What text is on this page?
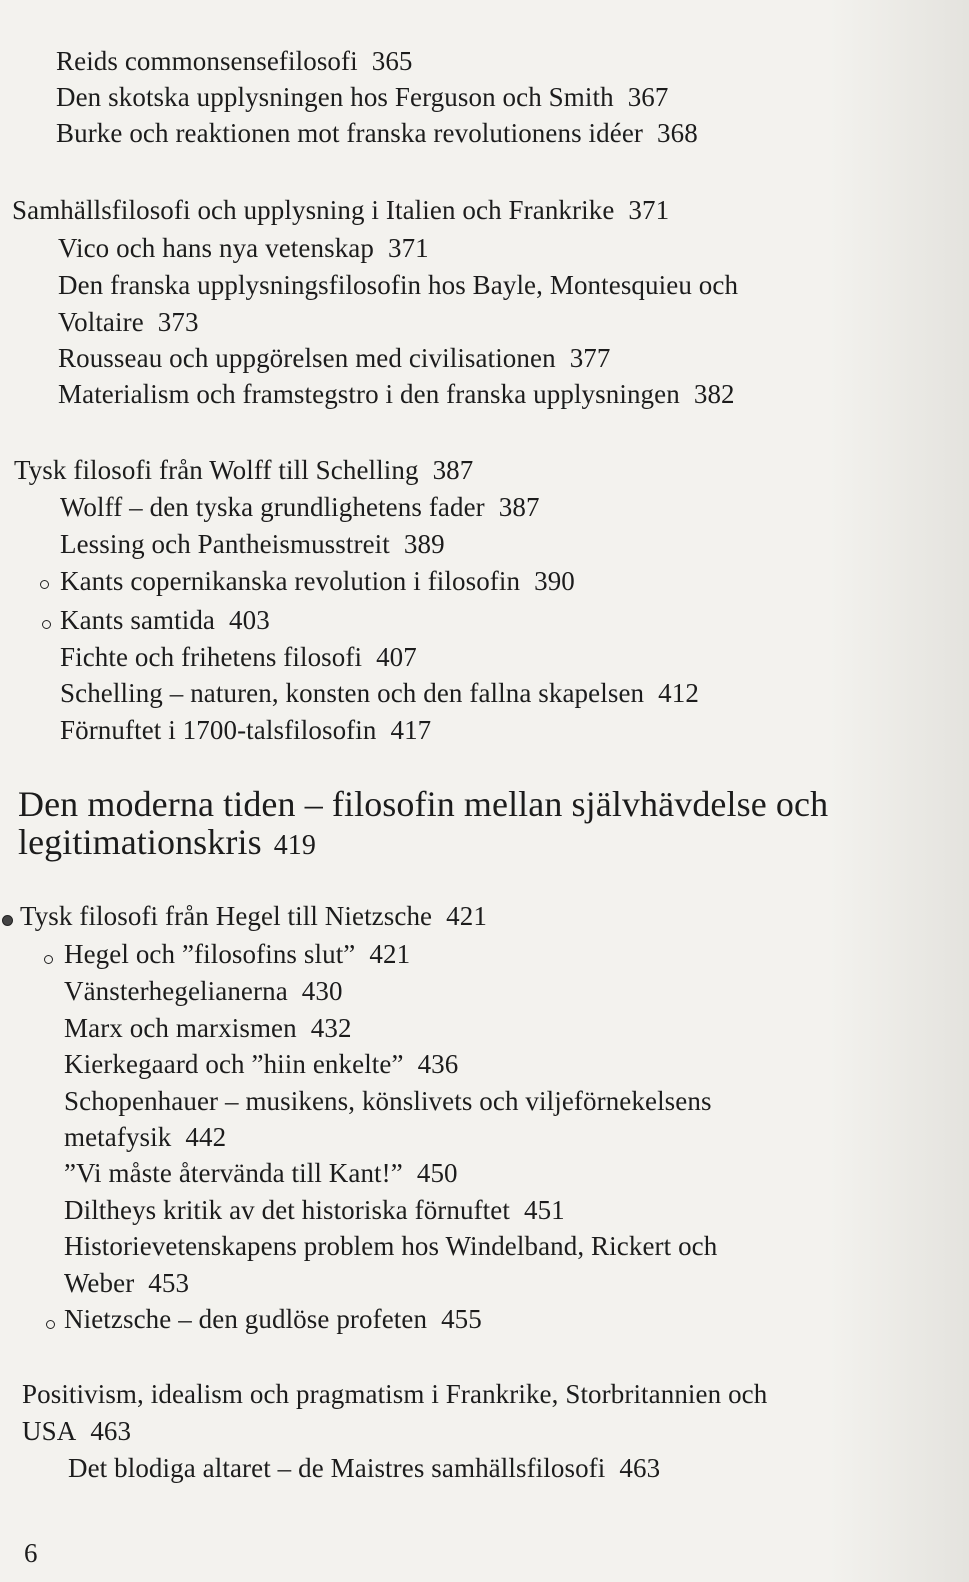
Reids commonsensefilosofi 365
Den skotska upplysningen hos Ferguson och Smith 367
Burke och reaktionen mot franska revolutionens idéer 368
Samhällsfilosofi och upplysning i Italien och Frankrike 371
Vico och hans nya vetenskap 371
Den franska upplysningsfilosofin hos Bayle, Montesquieu och
Voltaire 373
Rousseau och uppgörelsen med civilisationen 377
Materialism och framstegstro i den franska upplysningen 382
Tysk filosofi från Wolff till Schelling 387
Wolff – den tyska grundlighetens fader 387
Lessing och Pantheismusstreit 389
Kants copernikanska revolution i filosofin 390
Kants samtida 403
Fichte och frihetens filosofi 407
Schelling – naturen, konsten och den fallna skapelsen 412
Förnuftet i 1700-talsfilosofin 417
Den moderna tiden – filosofin mellan självhävdelse och
legitimationskris 419
Tysk filosofi från Hegel till Nietzsche 421
Hegel och ”filosofins slut” 421
Vänsterhegelianerna 430
Marx och marxismen 432
Kierkegaard och ”hiin enkelte” 436
Schopenhauer – musikens, könslivets och viljeförnekelsens
metafysik 442
”Vi måste återvända till Kant!” 450
Diltheys kritik av det historiska förnuftet 451
Historievetenskapens problem hos Windelband, Rickert och
Weber 453
Nietzsche – den gudlöse profeten 455
Positivism, idealism och pragmatism i Frankrike, Storbritannien och
USA 463
Det blodiga altaret – de Maistres samhällsfilosofi 463
6
